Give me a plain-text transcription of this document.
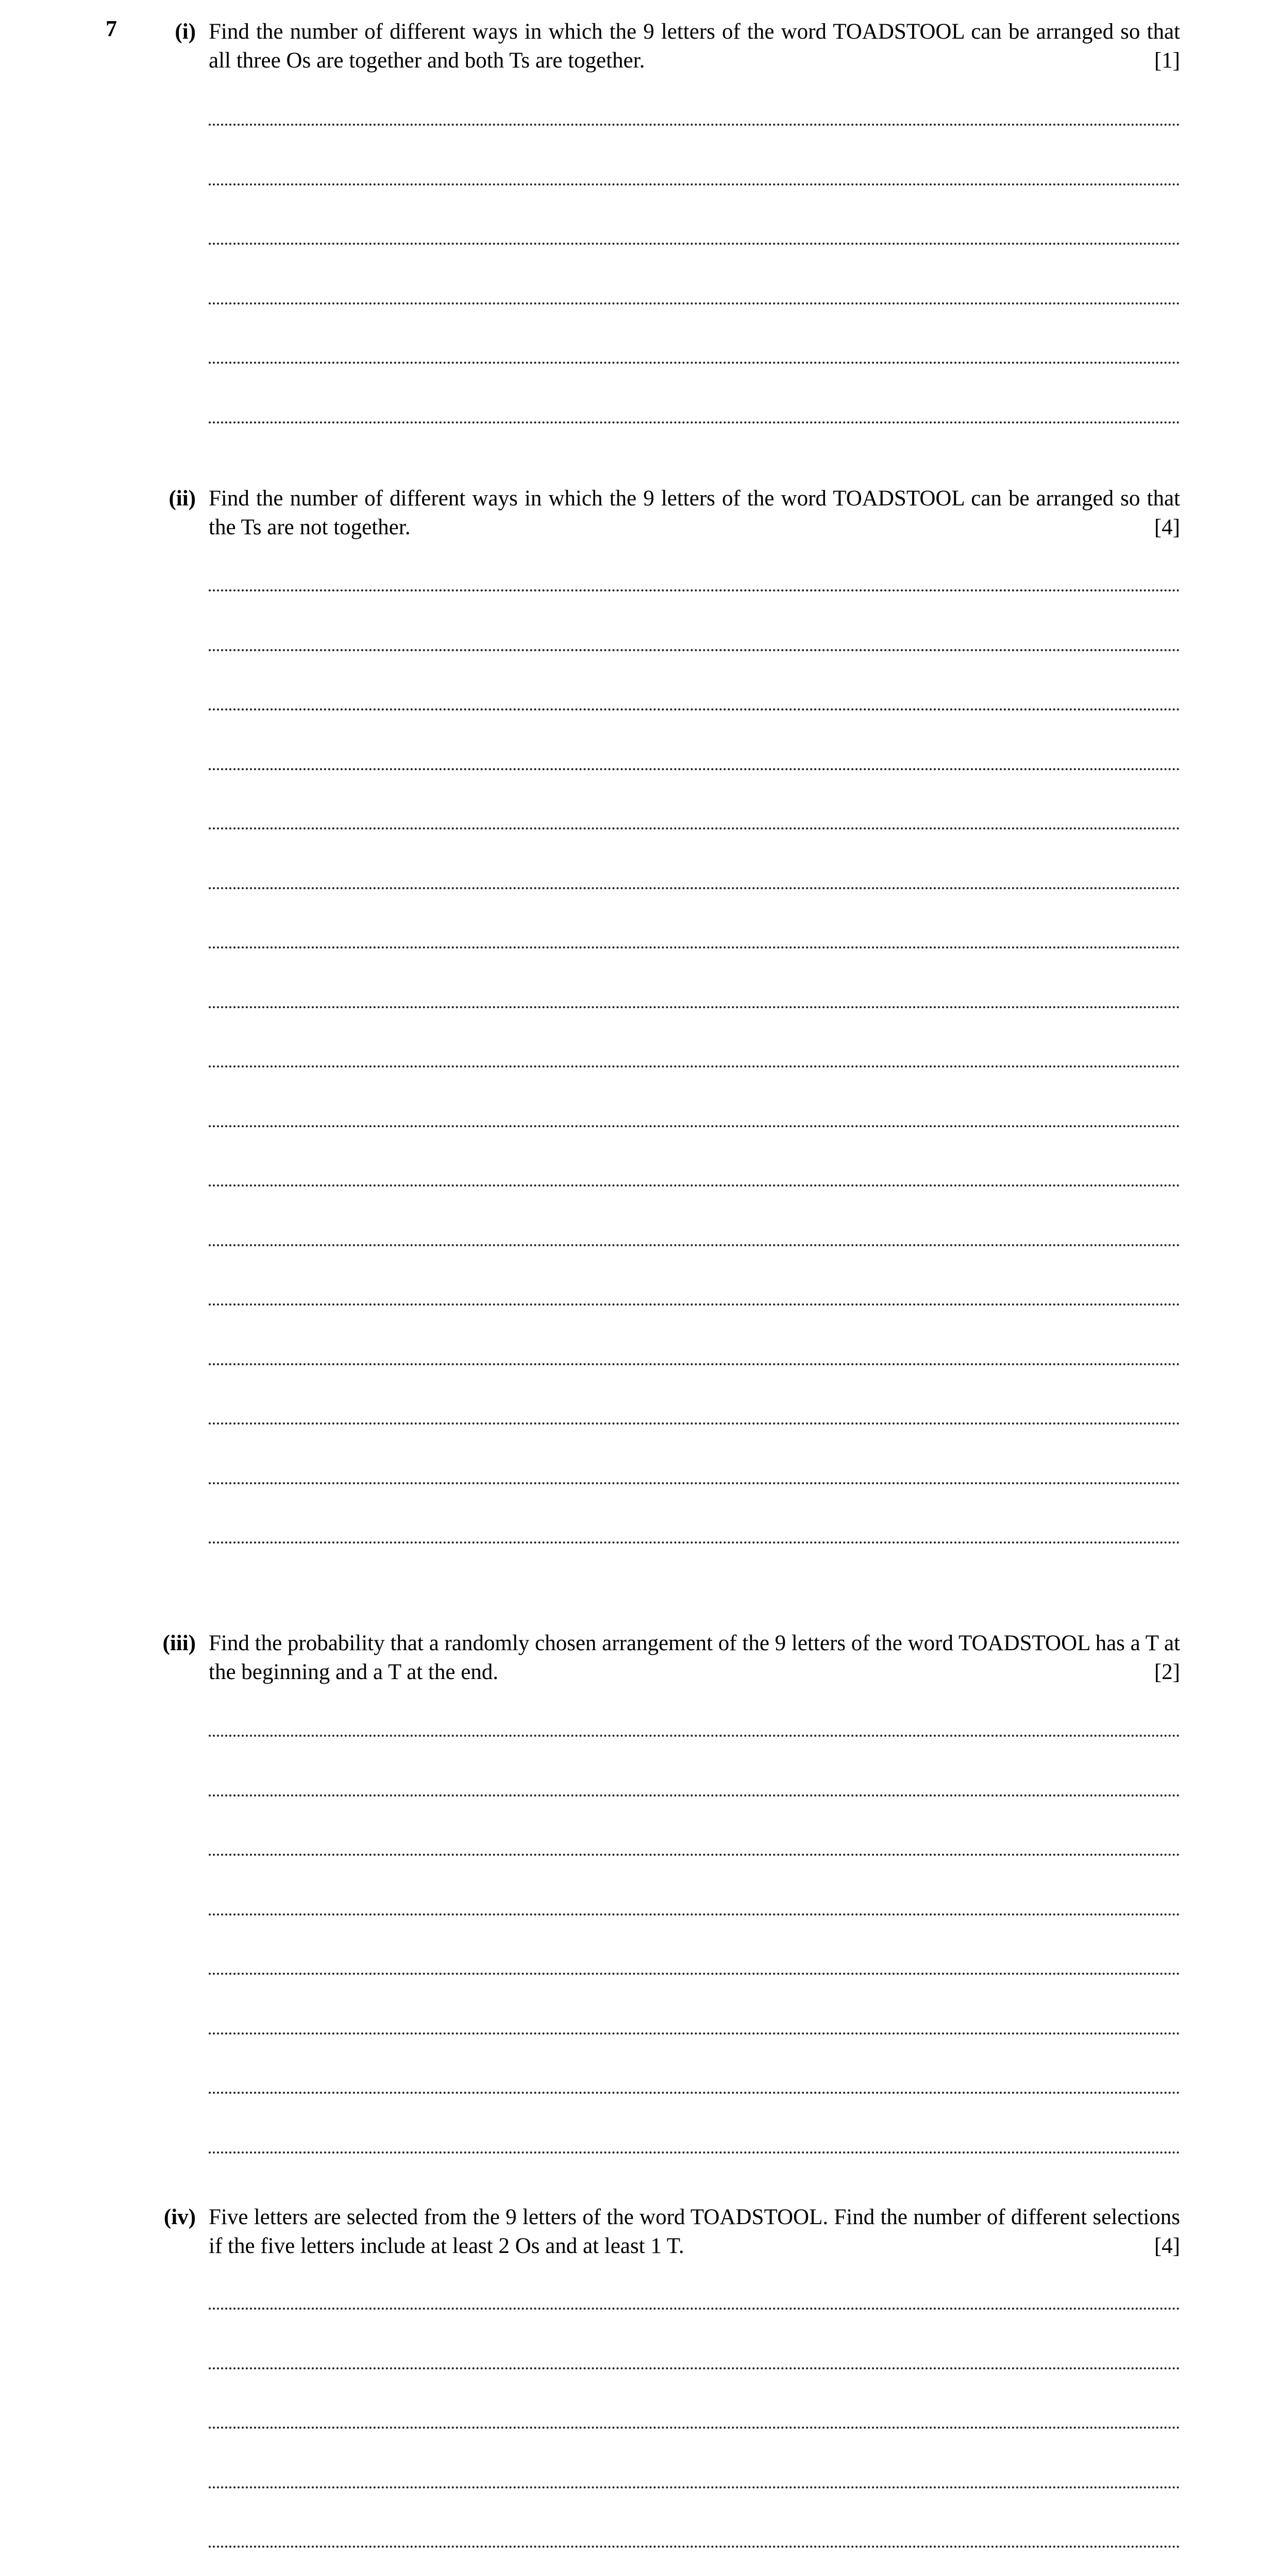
7	(i) Find the number of different ways in which the 9 letters of the word TOADSTOOL can be arranged so that all three Os are together and both Ts are together.	[1]
(ii) Find the number of different ways in which the 9 letters of the word TOADSTOOL can be arranged so that the Ts are not together.	[4]
(iii) Find the probability that a randomly chosen arrangement of the 9 letters of the word TOADSTOOL has a T at the beginning and a T at the end.	[2]
(iv) Five letters are selected from the 9 letters of the word TOADSTOOL. Find the number of different selections if the five letters include at least 2 Os and at least 1 T.	[4]
